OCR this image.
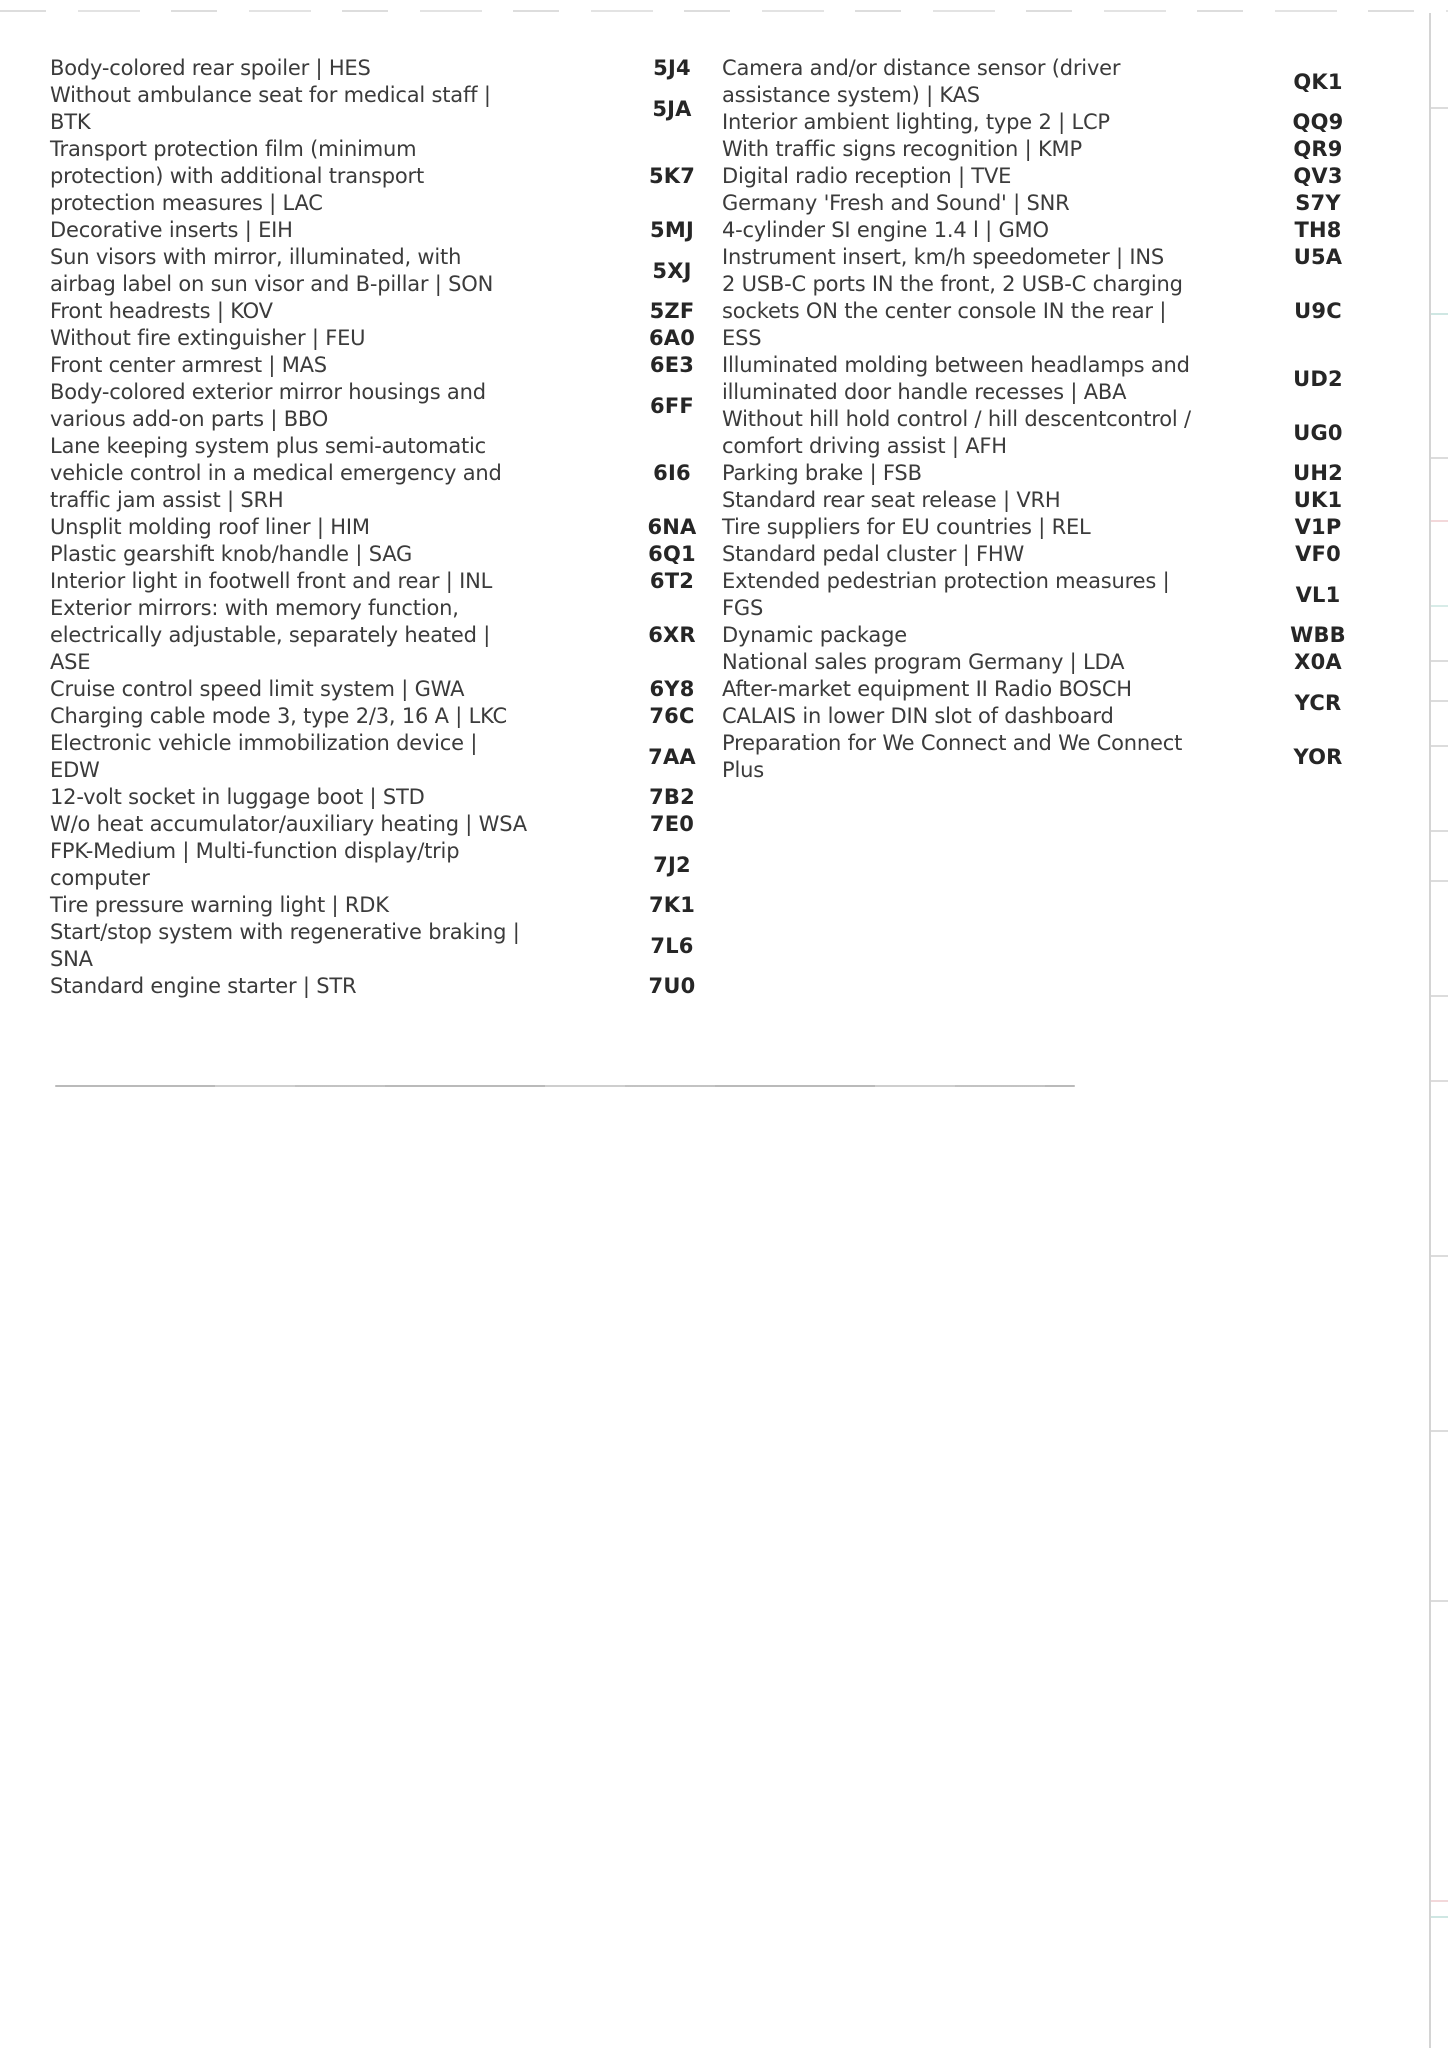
Body-colored rear spoiler | HES	5J4
Without ambulance seat for medical staff | BTK
5JA
Transport protection film (minimum protection) with additional transport protection measures | LAC
5K7
Decorative inserts | EIH	5MJ
Sun visors with mirror, illuminated, with airbag label on sun visor and B-pillar | SON
5XJ
Front headrests | KOV	5ZF
Without fire extinguisher | FEU	6A0
Front center armrest | MAS	6E3
Body-colored exterior mirror housings and various add-on parts | BBO
6FF
Lane keeping system plus semi-automatic vehicle control in a medical emergency and traffic jam assist | SRH
6I6
Unsplit molding roof liner | HIM	6NA
Plastic gearshift knob/handle | SAG	6Q1
Interior light in footwell front and rear | INL	6T2
Exterior mirrors: with memory function, electrically adjustable, separately heated | ASE
6XR
Cruise control speed limit system | GWA	6Y8
Charging cable mode 3, type 2/3, 16 A | LKC	76C
Electronic vehicle immobilization device | EDW
7AA
12-volt socket in luggage boot | STD	7B2
W/o heat accumulator/auxiliary heating | WSA	7E0
FPK-Medium | Multi-function display/trip computer
7J2
Tire pressure warning light | RDK	7K1
Start/stop system with regenerative braking | SNA
7L6
Standard engine starter | STR	7U0
Camera and/or distance sensor (driver assistance system) | KAS
QK1
Interior ambient lighting, type 2 | LCP	QQ9
With traffic signs recognition | KMP	QR9
Digital radio reception | TVE	QV3
Germany 'Fresh and Sound' | SNR	S7Y
4-cylinder SI engine 1.4 l | GMO	TH8
Instrument insert, km/h speedometer | INS	U5A
2 USB-C ports IN the front, 2 USB-C charging sockets ON the center console IN the rear | ESS
U9C
Illuminated molding between headlamps and illuminated door handle recesses | ABA
UD2
Without hill hold control / hill descentcontrol / comfort driving assist | AFH
UG0
Parking brake | FSB	UH2
Standard rear seat release | VRH	UK1
Tire suppliers for EU countries | REL	V1P
Standard pedal cluster | FHW	VF0
Extended pedestrian protection measures | FGS
VL1
Dynamic package	WBB
National sales program Germany | LDA	X0A
After-market equipment II Radio BOSCH CALAIS in lower DIN slot of dashboard
YCR
Preparation for We Connect and We Connect Plus
YOR
